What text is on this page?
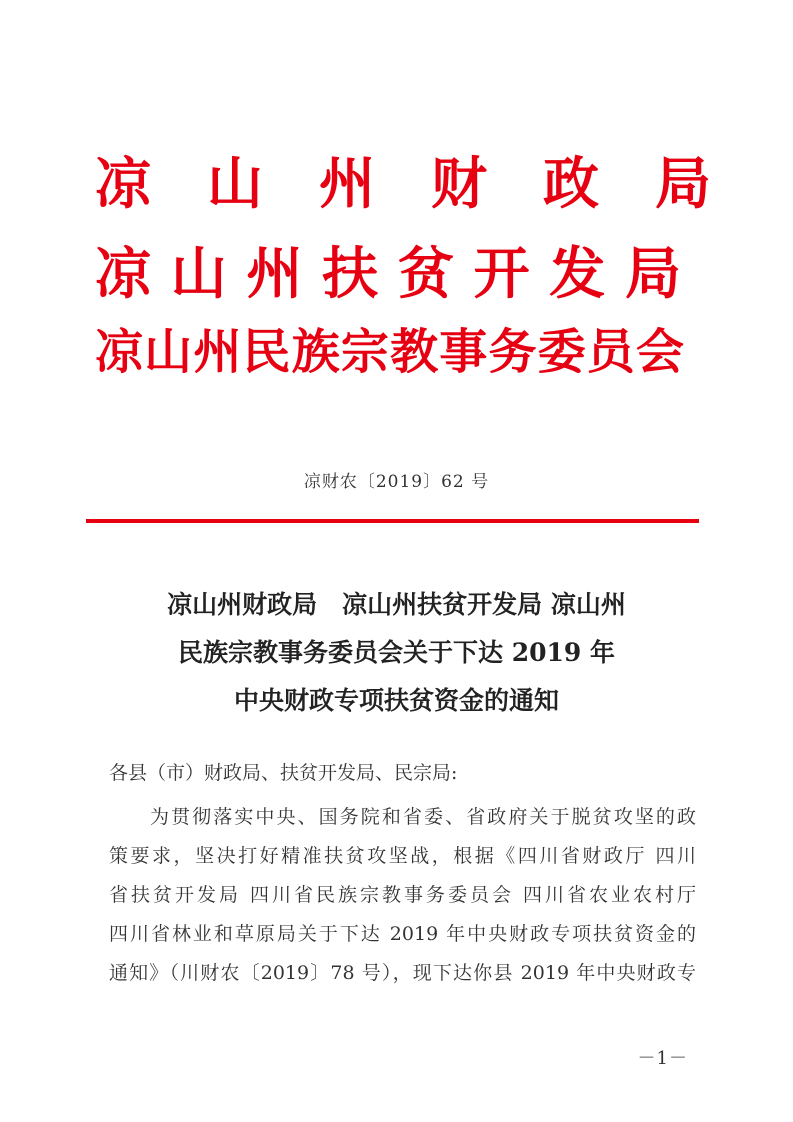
凉　山　州　财　政　局
凉 山 州 扶 贫 开 发 局
凉山州民族宗教事务委员会
凉财农〔2019〕62 号
凉山州财政局　凉山州扶贫开发局 凉山州
民族宗教事务委员会关于下达 2019 年
中央财政专项扶贫资金的通知
各县（市）财政局、扶贫开发局、民宗局:
为贯彻落实中央、国务院和省委、省政府关于脱贫攻坚的政
策要求，坚决打好精准扶贫攻坚战，根据《四川省财政厅 四川
省扶贫开发局 四川省民族宗教事务委员会 四川省农业农村厅
四川省林业和草原局关于下达 2019 年中央财政专项扶贫资金的
通知》（川财农〔2019〕78 号），现下达你县 2019 年中央财政专
－1－
